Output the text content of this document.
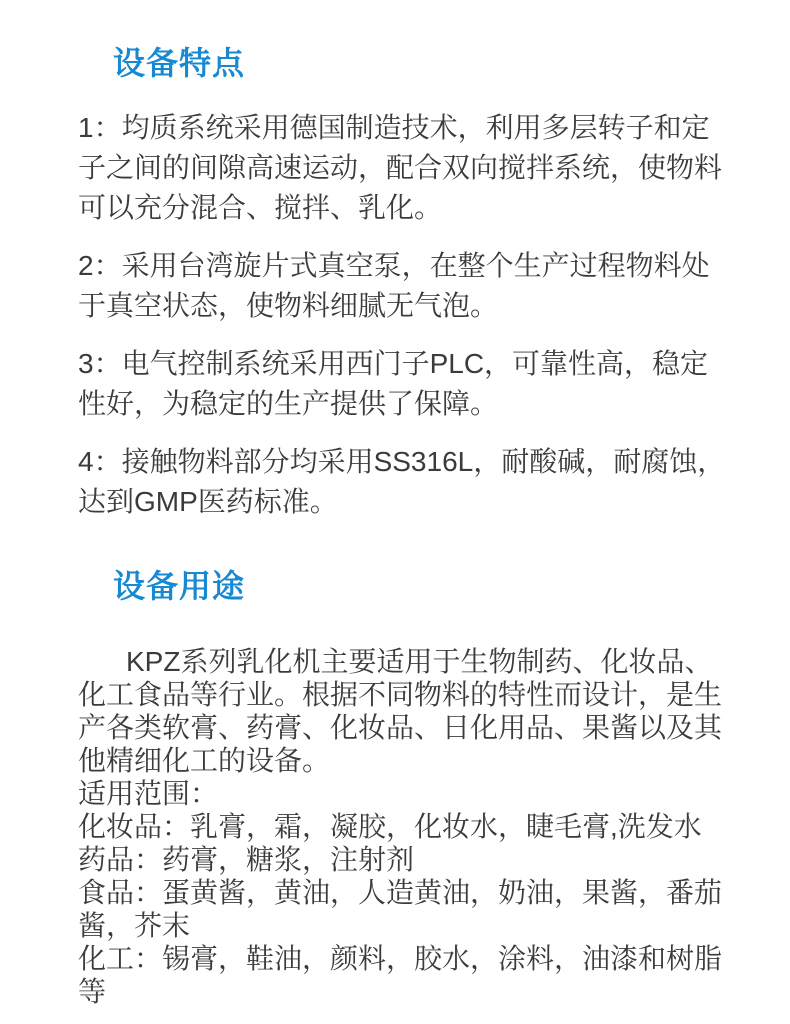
设备特点
1：均质系统采用德国制造技术，利用多层转子和定
子之间的间隙高速运动，配合双向搅拌系统，使物料
可以充分混合、搅拌、乳化。
2：采用台湾旋片式真空泵，在整个生产过程物料处
于真空状态，使物料细腻无气泡。
3：电气控制系统采用西门子PLC，可靠性高，稳定
性好，为稳定的生产提供了保障。
4：接触物料部分均采用SS316L，耐酸碱，耐腐蚀，
达到GMP医药标准。
设备用途
KPZ系列乳化机主要适用于生物制药、化妆品、
化工食品等行业。根据不同物料的特性而设计，是生
产各类软膏、药膏、化妆品、日化用品、果酱以及其
他精细化工的设备。
适用范围：
化妆品：乳膏，霜，凝胶，化妆水，睫毛膏,洗发水
药品：药膏，糖浆，注射剂
食品：蛋黄酱，黄油，人造黄油，奶油，果酱，番茄
酱，芥末
化工：锡膏，鞋油，颜料，胶水，涂料，油漆和树脂
等
